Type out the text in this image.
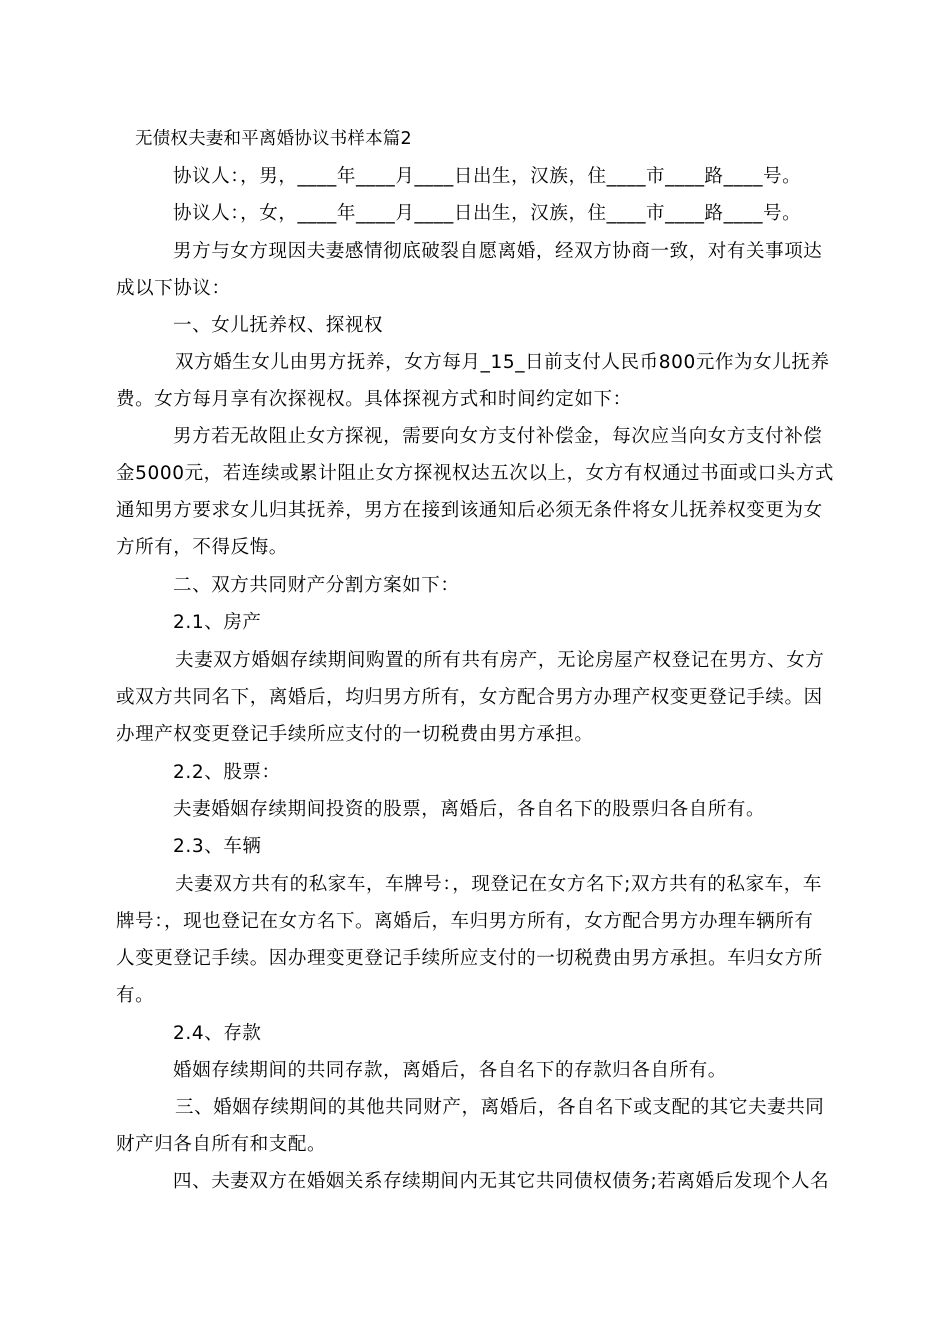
无债权夫妻和平离婚协议书样本篇2
协议人：，男，____年____月____日出生，汉族，住____市____路____号。
协议人：，女，____年____月____日出生，汉族，住____市____路____号。
男方与女方现因夫妻感情彻底破裂自愿离婚，经双方协商一致，对有关事项达
成以下协议：
一、女儿抚养权、探视权
双方婚生女儿由男方抚养，女方每月_15_日前支付人民币800元作为女儿抚养
费。女方每月享有次探视权。具体探视方式和时间约定如下：
男方若无故阻止女方探视，需要向女方支付补偿金，每次应当向女方支付补偿
金5000元，若连续或累计阻止女方探视权达五次以上，女方有权通过书面或口头方式
通知男方要求女儿归其抚养，男方在接到该通知后必须无条件将女儿抚养权变更为女
方所有，不得反悔。
二、双方共同财产分割方案如下：
2.1、房产
夫妻双方婚姻存续期间购置的所有共有房产，无论房屋产权登记在男方、女方
或双方共同名下，离婚后，均归男方所有，女方配合男方办理产权变更登记手续。因
办理产权变更登记手续所应支付的一切税费由男方承担。
2.2、股票：
夫妻婚姻存续期间投资的股票，离婚后，各自名下的股票归各自所有。
2.3、车辆
夫妻双方共有的私家车，车牌号：，现登记在女方名下;双方共有的私家车，车
牌号：，现也登记在女方名下。离婚后，车归男方所有，女方配合男方办理车辆所有
人变更登记手续。因办理变更登记手续所应支付的一切税费由男方承担。车归女方所
有。
2.4、存款
婚姻存续期间的共同存款，离婚后，各自名下的存款归各自所有。
三、婚姻存续期间的其他共同财产，离婚后，各自名下或支配的其它夫妻共同
财产归各自所有和支配。
四、夫妻双方在婚姻关系存续期间内无其它共同债权债务;若离婚后发现个人名
